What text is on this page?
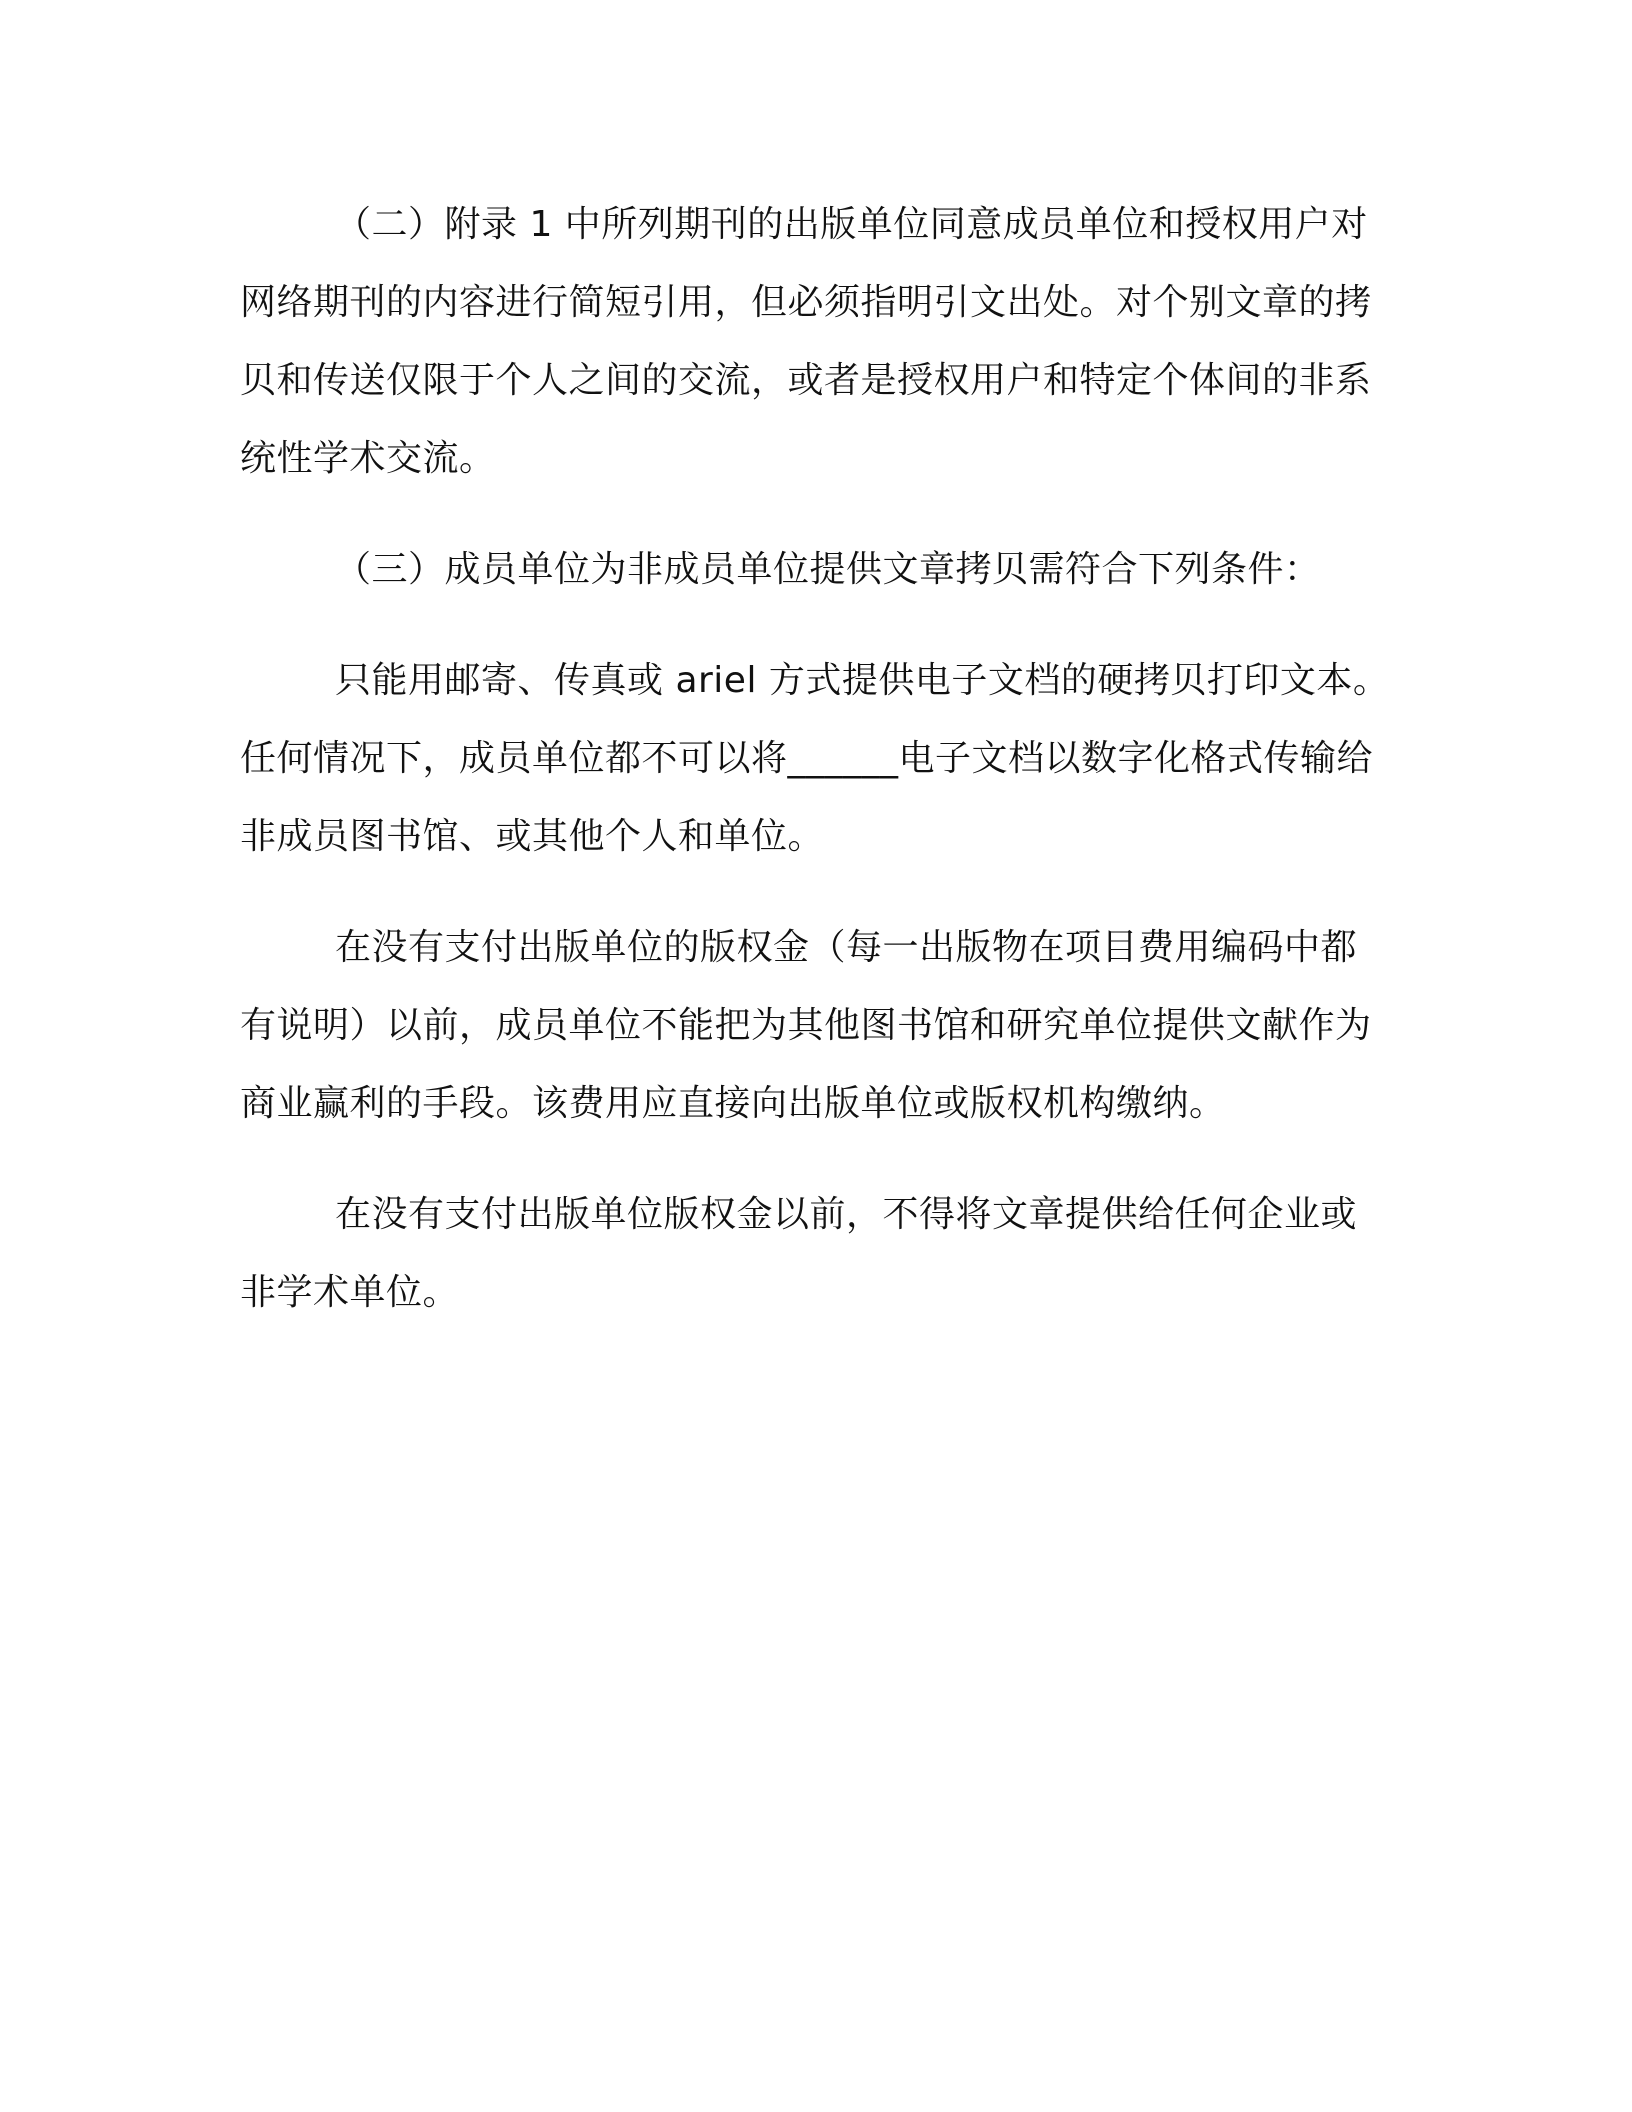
（二）附录 1 中所列期刊的出版单位同意成员单位和授权用户对网络期刊的内容进行简短引用，但必须指明引文出处。对个别文章的拷贝和传送仅限于个人之间的交流，或者是授权用户和特定个体间的非系统性学术交流。

（三）成员单位为非成员单位提供文章拷贝需符合下列条件：

只能用邮寄、传真或 ariel 方式提供电子文档的硬拷贝打印文本。任何情况下，成员单位都不可以将______电子文档以数字化格式传输给非成员图书馆、或其他个人和单位。

在没有支付出版单位的版权金（每一出版物在项目费用编码中都有说明）以前，成员单位不能把为其他图书馆和研究单位提供文献作为商业赢利的手段。该费用应直接向出版单位或版权机构缴纳。

在没有支付出版单位版权金以前，不得将文章提供给任何企业或非学术单位。
